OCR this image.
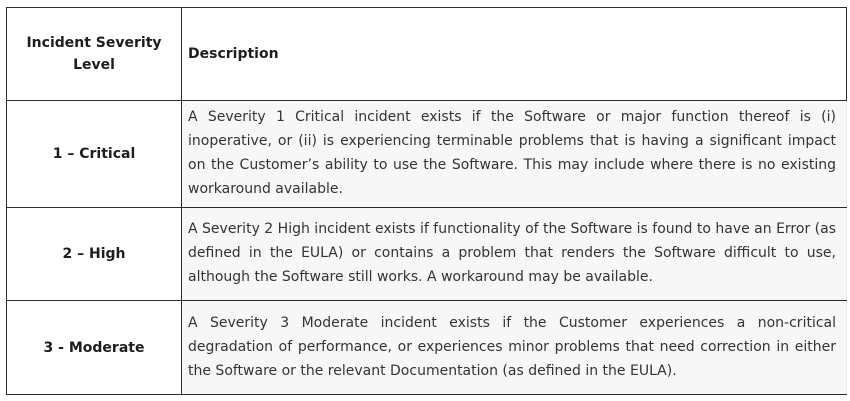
Incident Severity Level	Description
1 – Critical	A Severity 1 Critical incident exists if the Software or major function thereof is (i) inoperative, or (ii) is experiencing terminable problems that is having a significant impact on the Customer’s ability to use the Software. This may include where there is no existing workaround available.
2 – High	A Severity 2 High incident exists if functionality of the Software is found to have an Error (as defined in the EULA) or contains a problem that renders the Software difficult to use, although the Software still works. A workaround may be available.
3 - Moderate	A Severity 3 Moderate incident exists if the Customer experiences a non-critical degradation of performance, or experiences minor problems that need correction in either the Software or the relevant Documentation (as defined in the EULA).
